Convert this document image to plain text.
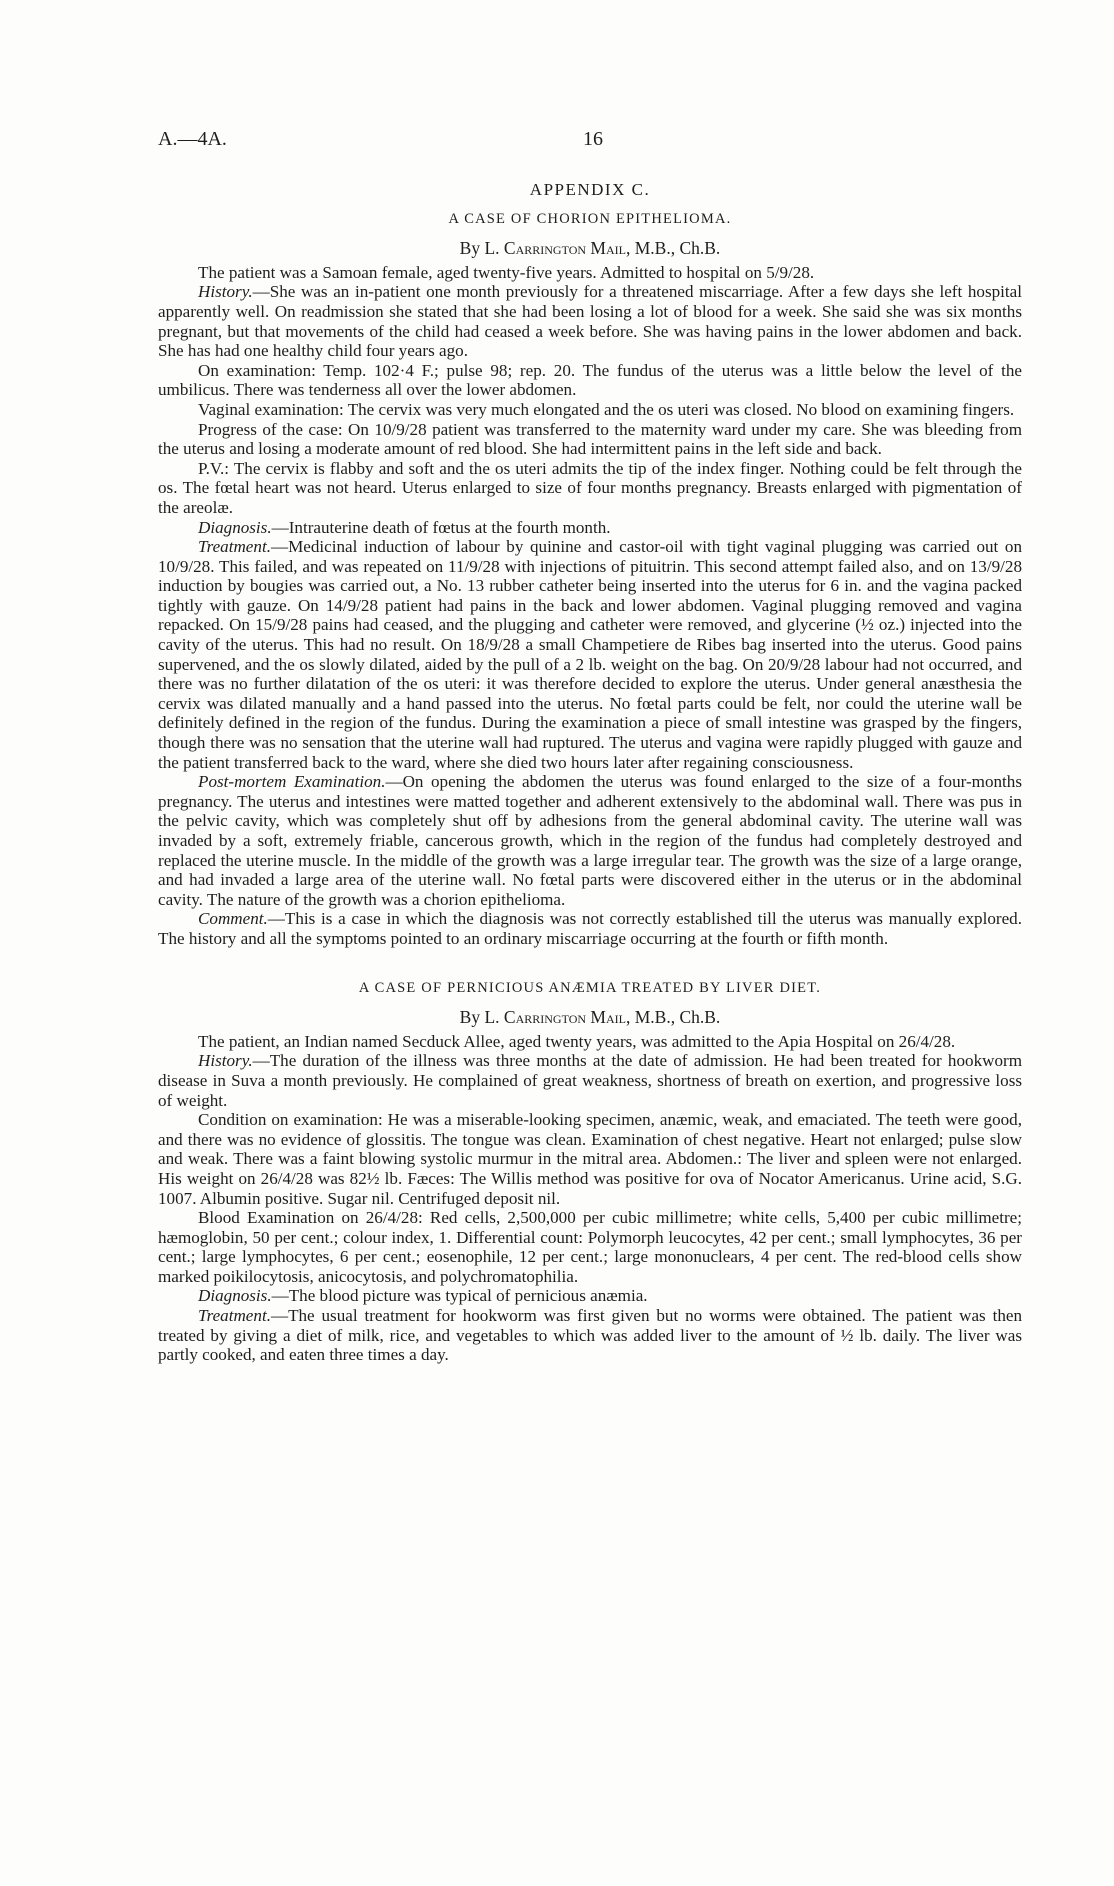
A.—4A.	16
APPENDIX C.
A CASE OF CHORION EPITHELIOMA.
By L. Carrington Mail, M.B., Ch.B.

The patient was a Samoan female, aged twenty-five years. Admitted to hospital on 5/9/28.

History.—She was an in-patient one month previously for a threatened miscarriage. After a few days she left hospital apparently well. On readmission she stated that she had been losing a lot of blood for a week. She said she was six months pregnant, but that movements of the child had ceased a week before. She was having pains in the lower abdomen and back. She has had one healthy child four years ago.

On examination: Temp. 102·4 F.; pulse 98; rep. 20. The fundus of the uterus was a little below the level of the umbilicus. There was tenderness all over the lower abdomen.

Vaginal examination: The cervix was very much elongated and the os uteri was closed. No blood on examining fingers.

Progress of the case: On 10/9/28 patient was transferred to the maternity ward under my care. She was bleeding from the uterus and losing a moderate amount of red blood. She had intermittent pains in the left side and back.

P.V.: The cervix is flabby and soft and the os uteri admits the tip of the index finger. Nothing could be felt through the os. The fœtal heart was not heard. Uterus enlarged to size of four months pregnancy. Breasts enlarged with pigmentation of the areolæ.

Diagnosis.—Intrauterine death of fœtus at the fourth month.

Treatment.—Medicinal induction of labour by quinine and castor-oil with tight vaginal plugging was carried out on 10/9/28. This failed, and was repeated on 11/9/28 with injections of pituitrin. This second attempt failed also, and on 13/9/28 induction by bougies was carried out, a No. 13 rubber catheter being inserted into the uterus for 6 in. and the vagina packed tightly with gauze. On 14/9/28 patient had pains in the back and lower abdomen. Vaginal plugging removed and vagina repacked. On 15/9/28 pains had ceased, and the plugging and catheter were removed, and glycerine (½ oz.) injected into the cavity of the uterus. This had no result. On 18/9/28 a small Champetiere de Ribes bag inserted into the uterus. Good pains supervened, and the os slowly dilated, aided by the pull of a 2 lb. weight on the bag. On 20/9/28 labour had not occurred, and there was no further dilatation of the os uteri: it was therefore decided to explore the uterus. Under general anæsthesia the cervix was dilated manually and a hand passed into the uterus. No fœtal parts could be felt, nor could the uterine wall be definitely defined in the region of the fundus. During the examination a piece of small intestine was grasped by the fingers, though there was no sensation that the uterine wall had ruptured. The uterus and vagina were rapidly plugged with gauze and the patient transferred back to the ward, where she died two hours later after regaining consciousness.

Post-mortem Examination.—On opening the abdomen the uterus was found enlarged to the size of a four-months pregnancy. The uterus and intestines were matted together and adherent extensively to the abdominal wall. There was pus in the pelvic cavity, which was completely shut off by adhesions from the general abdominal cavity. The uterine wall was invaded by a soft, extremely friable, cancerous growth, which in the region of the fundus had completely destroyed and replaced the uterine muscle. In the middle of the growth was a large irregular tear. The growth was the size of a large orange, and had invaded a large area of the uterine wall. No fœtal parts were discovered either in the uterus or in the abdominal cavity. The nature of the growth was a chorion epithelioma.

Comment.—This is a case in which the diagnosis was not correctly established till the uterus was manually explored. The history and all the symptoms pointed to an ordinary miscarriage occurring at the fourth or fifth month.

A CASE OF PERNICIOUS ANÆMIA TREATED BY LIVER DIET.
By L. Carrington Mail, M.B., Ch.B.

The patient, an Indian named Secduck Allee, aged twenty years, was admitted to the Apia Hospital on 26/4/28.

History.—The duration of the illness was three months at the date of admission. He had been treated for hookworm disease in Suva a month previously. He complained of great weakness, shortness of breath on exertion, and progressive loss of weight.

Condition on examination: He was a miserable-looking specimen, anæmic, weak, and emaciated. The teeth were good, and there was no evidence of glossitis. The tongue was clean. Examination of chest negative. Heart not enlarged; pulse slow and weak. There was a faint blowing systolic murmur in the mitral area. Abdomen.: The liver and spleen were not enlarged. His weight on 26/4/28 was 82½ lb. Fæces: The Willis method was positive for ova of Nocator Americanus. Urine acid, S.G. 1007. Albumin positive. Sugar nil. Centrifuged deposit nil.

Blood Examination on 26/4/28: Red cells, 2,500,000 per cubic millimetre; white cells, 5,400 per cubic millimetre; hæmoglobin, 50 per cent.; colour index, 1. Differential count: Polymorph leucocytes, 42 per cent.; small lymphocytes, 36 per cent.; large lymphocytes, 6 per cent.; eosenophile, 12 per cent.; large mononuclears, 4 per cent. The red-blood cells show marked poikilocytosis, anicocytosis, and polychromatophilia.

Diagnosis.—The blood picture was typical of pernicious anæmia.

Treatment.—The usual treatment for hookworm was first given but no worms were obtained. The patient was then treated by giving a diet of milk, rice, and vegetables to which was added liver to the amount of ½ lb. daily. The liver was partly cooked, and eaten three times a day.
